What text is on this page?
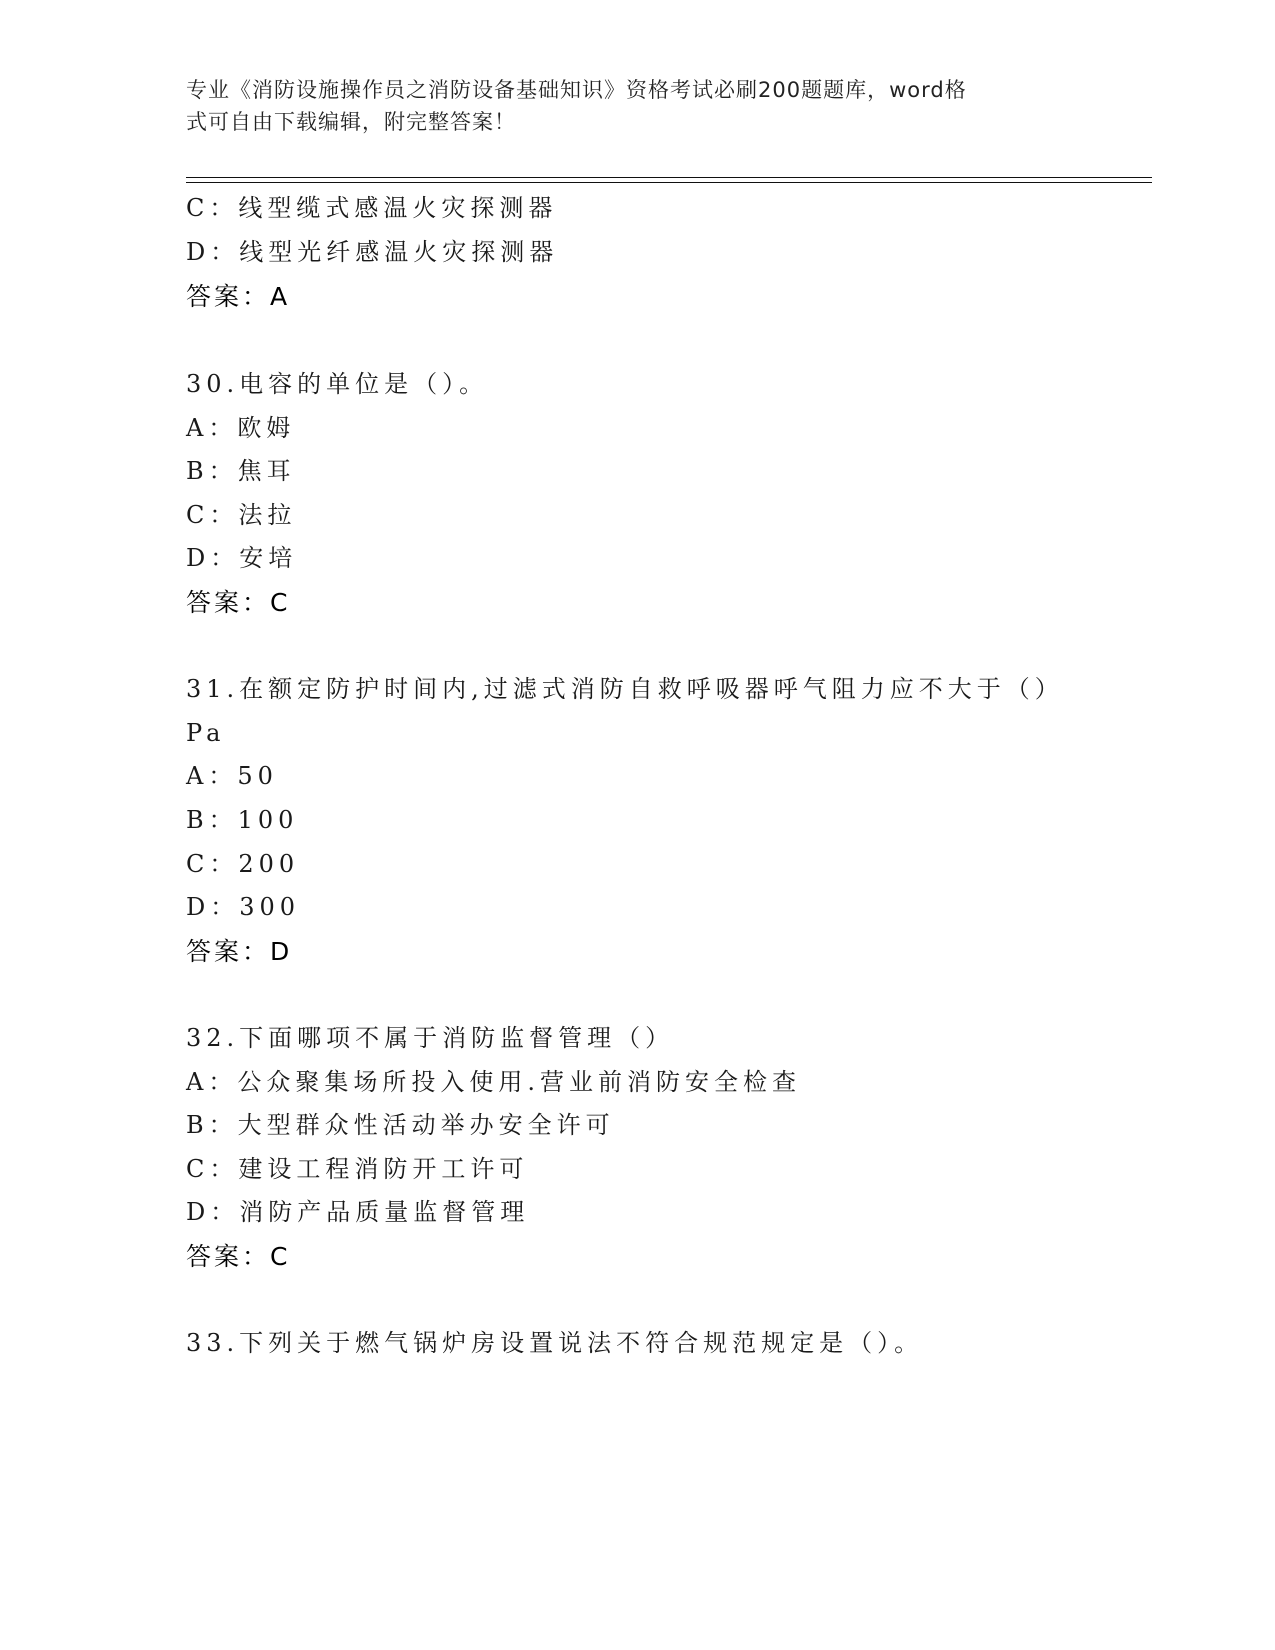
专业《消防设施操作员之消防设备基础知识》资格考试必刷200题题库，word格
式可自由下载编辑，附完整答案！
C：线型缆式感温火灾探测器
D：线型光纤感温火灾探测器
答案：A
30.电容的单位是（）。
A：欧姆
B：焦耳
C：法拉
D：安培
答案：C
31.在额定防护时间内,过滤式消防自救呼吸器呼气阻力应不大于（）
Pa
A：50
B：100
C：200
D：300
答案：D
32.下面哪项不属于消防监督管理（）
A：公众聚集场所投入使用.营业前消防安全检查
B：大型群众性活动举办安全许可
C：建设工程消防开工许可
D：消防产品质量监督管理
答案：C
33.下列关于燃气锅炉房设置说法不符合规范规定是（）。
